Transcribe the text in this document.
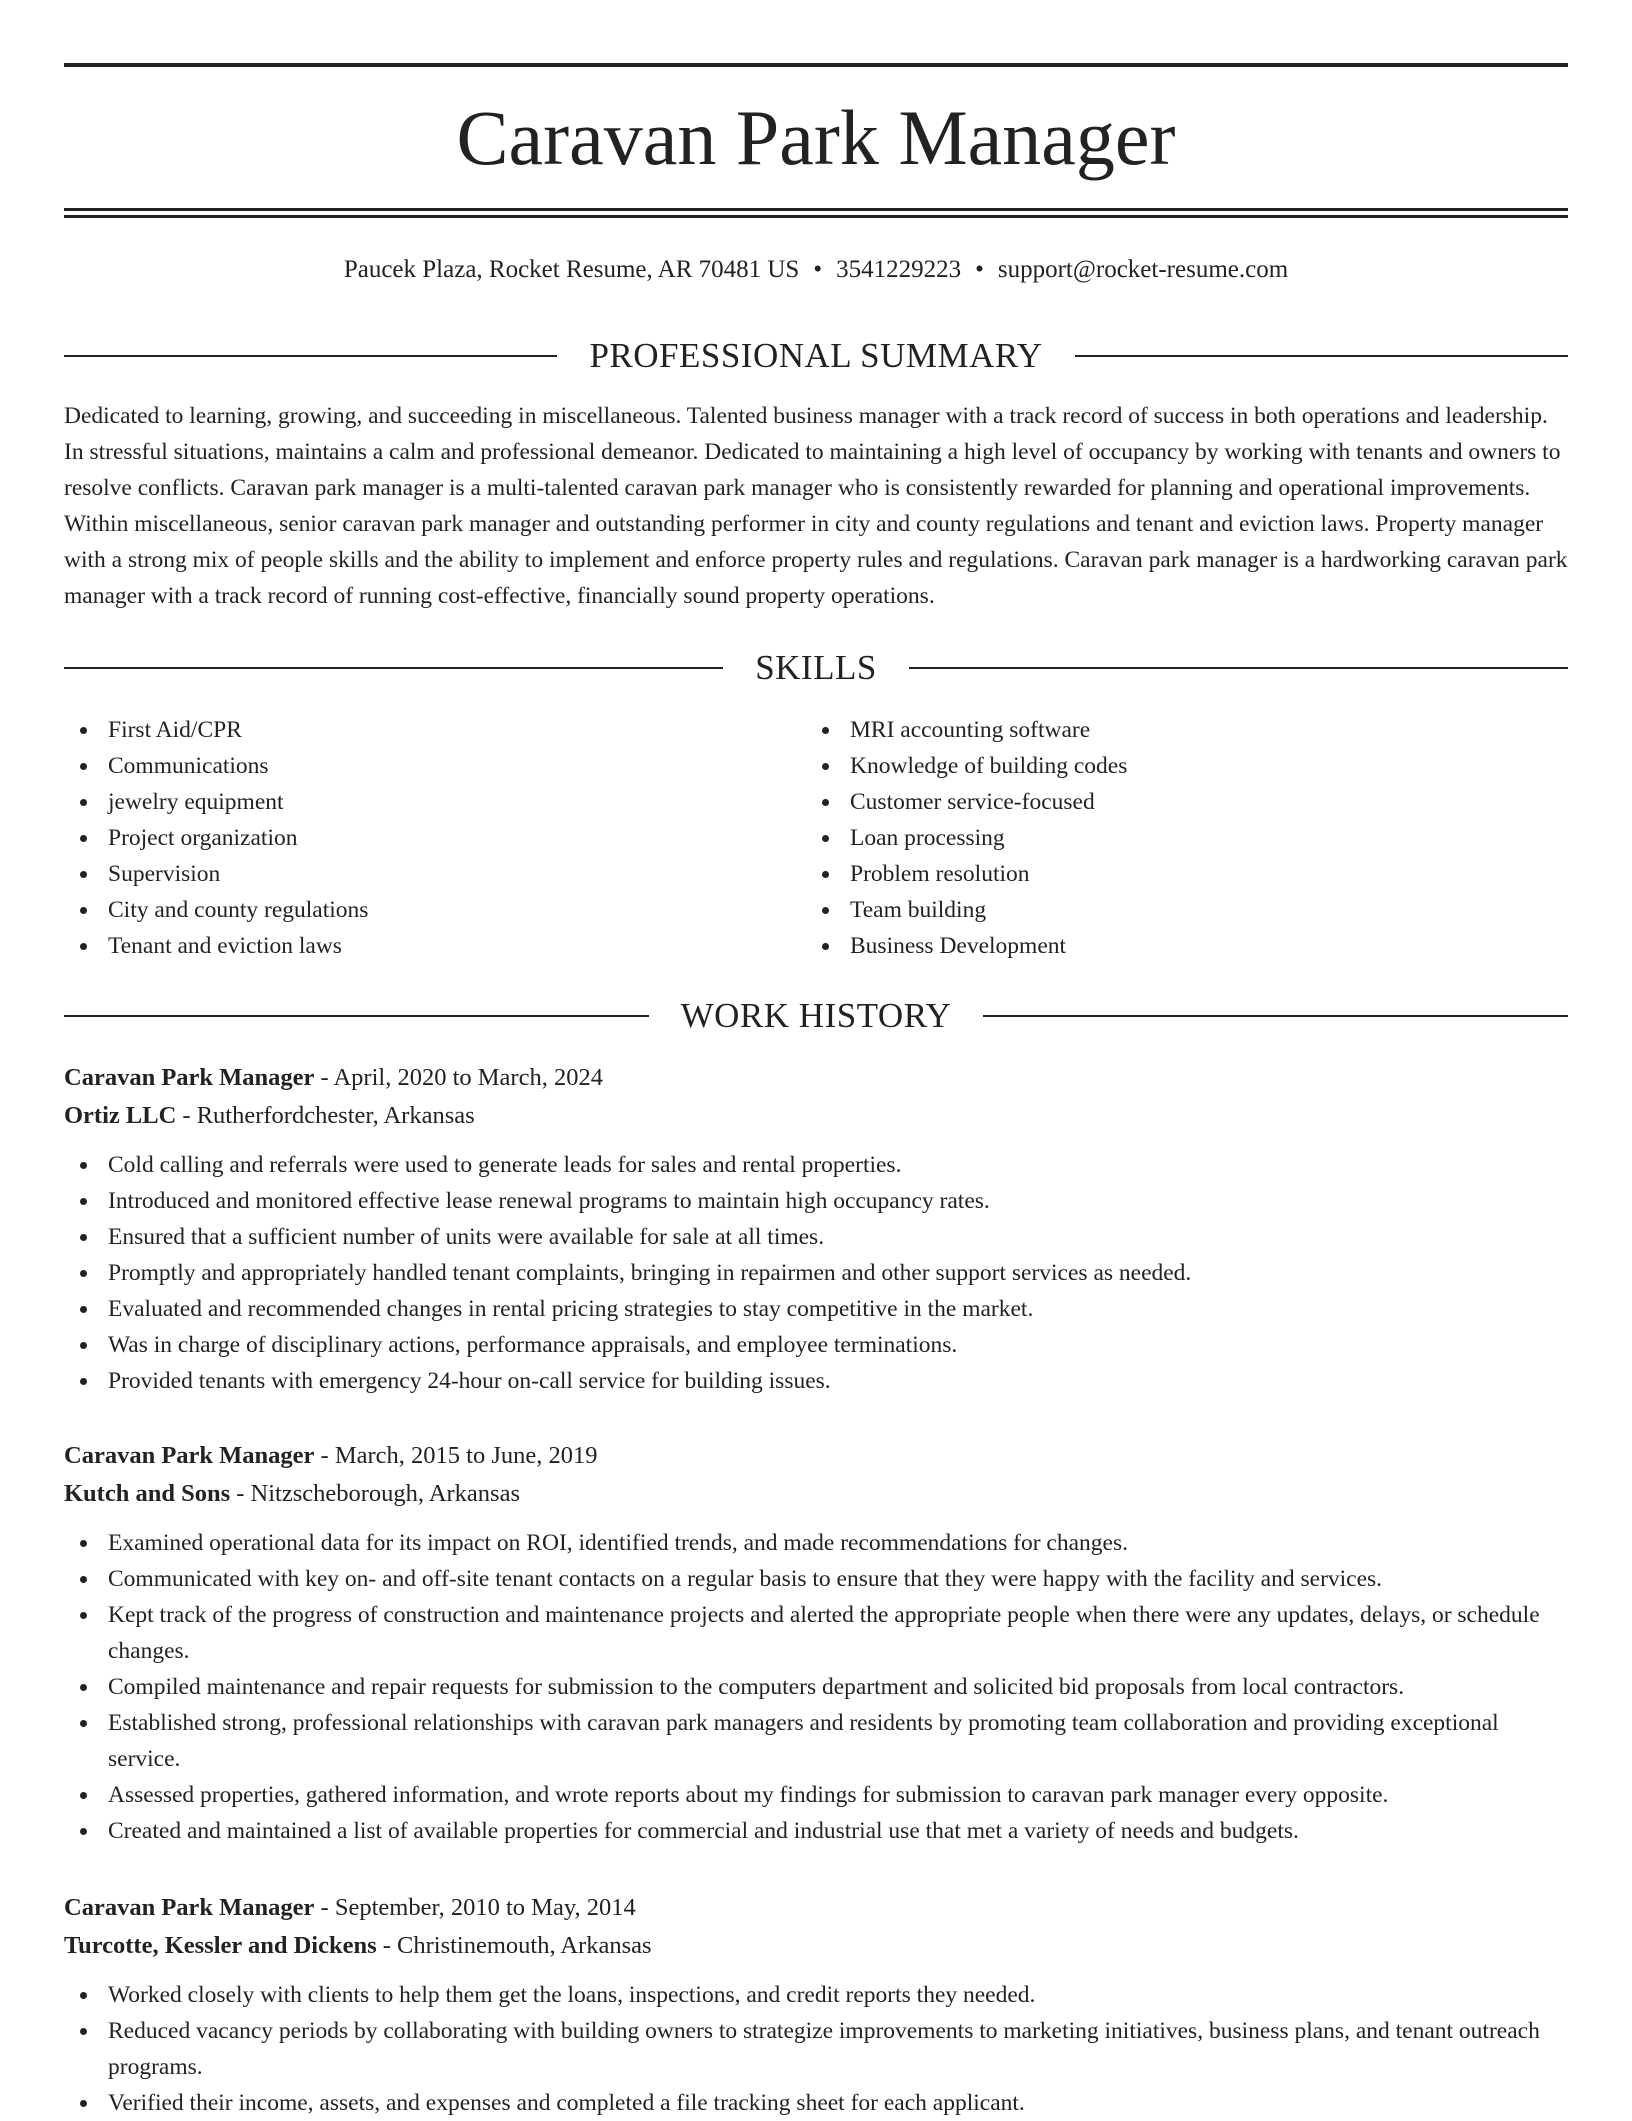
Caravan Park Manager
Paucek Plaza, Rocket Resume, AR 70481 US • 3541229223 • support@rocket-resume.com
PROFESSIONAL SUMMARY

Dedicated to learning, growing, and succeeding in miscellaneous. Talented business manager with a track record of success in both operations and leadership. In stressful situations, maintains a calm and professional demeanor. Dedicated to maintaining a high level of occupancy by working with tenants and owners to resolve conflicts. Caravan park manager is a multi-talented caravan park manager who is consistently rewarded for planning and operational improvements. Within miscellaneous, senior caravan park manager and outstanding performer in city and county regulations and tenant and eviction laws. Property manager with a strong mix of people skills and the ability to implement and enforce property rules and regulations. Caravan park manager is a hardworking caravan park manager with a track record of running cost-effective, financially sound property operations.

SKILLS
First Aid/CPR
Communications
jewelry equipment
Project organization
Supervision
City and county regulations
Tenant and eviction laws
MRI accounting software
Knowledge of building codes
Customer service-focused
Loan processing
Problem resolution
Team building
Business Development
WORK HISTORY
Caravan Park Manager - April, 2020 to March, 2024
Ortiz LLC - Rutherfordchester, Arkansas
Cold calling and referrals were used to generate leads for sales and rental properties.
Introduced and monitored effective lease renewal programs to maintain high occupancy rates.
Ensured that a sufficient number of units were available for sale at all times.
Promptly and appropriately handled tenant complaints, bringing in repairmen and other support services as needed.
Evaluated and recommended changes in rental pricing strategies to stay competitive in the market.
Was in charge of disciplinary actions, performance appraisals, and employee terminations.
Provided tenants with emergency 24-hour on-call service for building issues.
Caravan Park Manager - March, 2015 to June, 2019
Kutch and Sons - Nitzscheborough, Arkansas
Examined operational data for its impact on ROI, identified trends, and made recommendations for changes.
Communicated with key on- and off-site tenant contacts on a regular basis to ensure that they were happy with the facility and services.
Kept track of the progress of construction and maintenance projects and alerted the appropriate people when there were any updates, delays, or schedule changes.
Compiled maintenance and repair requests for submission to the computers department and solicited bid proposals from local contractors.
Established strong, professional relationships with caravan park managers and residents by promoting team collaboration and providing exceptional service.
Assessed properties, gathered information, and wrote reports about my findings for submission to caravan park manager every opposite.
Created and maintained a list of available properties for commercial and industrial use that met a variety of needs and budgets.
Caravan Park Manager - September, 2010 to May, 2014
Turcotte, Kessler and Dickens - Christinemouth, Arkansas
Worked closely with clients to help them get the loans, inspections, and credit reports they needed.
Reduced vacancy periods by collaborating with building owners to strategize improvements to marketing initiatives, business plans, and tenant outreach programs.
Verified their income, assets, and expenses and completed a file tracking sheet for each applicant.
